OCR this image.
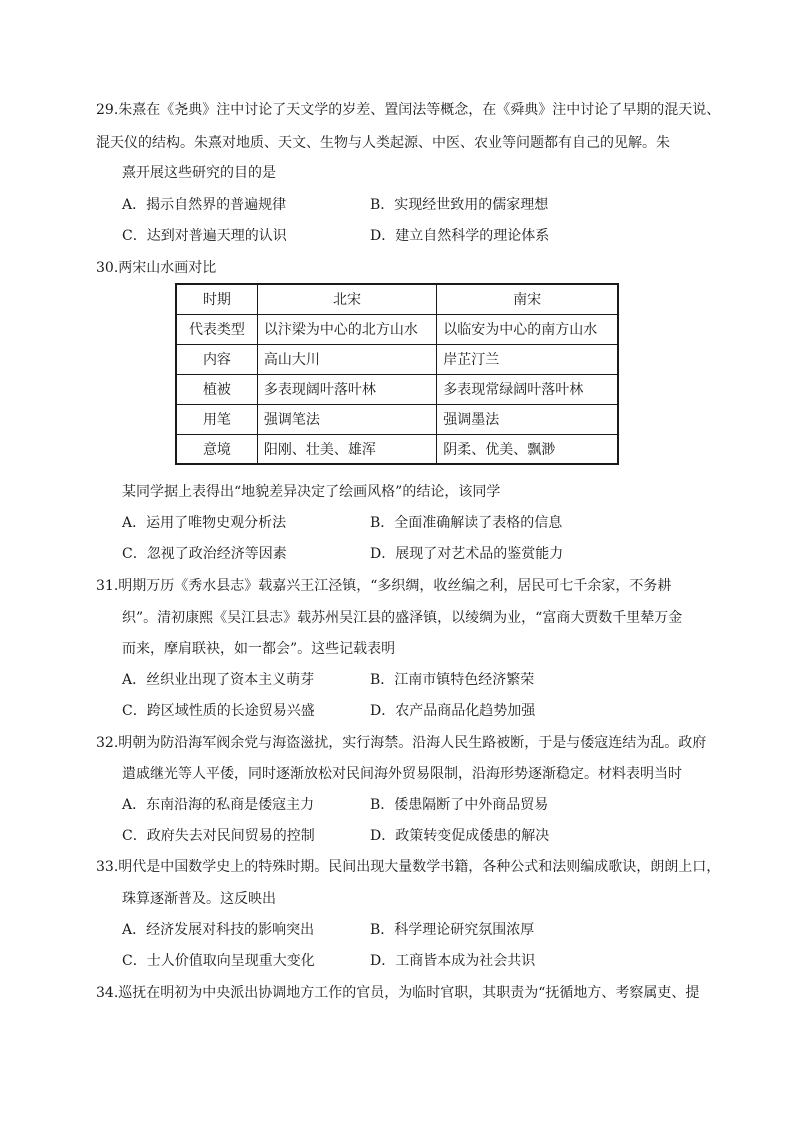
29.朱熹在《尧典》注中讨论了天文学的岁差、置闰法等概念，在《舜典》注中讨论了早期的混天说、
混天仪的结构。朱熹对地质、天文、生物与人类起源、中医、农业等问题都有自己的见解。朱
熹开展这些研究的目的是
A．揭示自然界的普遍规律	B．实现经世致用的儒家理想
C．达到对普遍天理的认识	D．建立自然科学的理论体系
30.两宋山水画对比
时期	北宋	南宋
代表类型	以汴梁为中心的北方山水	以临安为中心的南方山水
内容	高山大川	岸芷汀兰
植被	多表现阔叶落叶林	多表现常绿阔叶落叶林
用笔	强调笔法	强调墨法
意境	阳刚、壮美、雄浑	阴柔、优美、飘渺
某同学据上表得出“地貌差异决定了绘画风格”的结论，该同学
A．运用了唯物史观分析法	B．全面准确解读了表格的信息
C．忽视了政治经济等因素	D．展现了对艺术品的鉴赏能力
31.明期万历《秀水县志》载嘉兴王江泾镇，“多织绸，收丝编之利，居民可七千余家，不务耕
织”。清初康熙《吴江县志》载苏州吴江县的盛泽镇，以绫绸为业，“富商大贾数千里辇万金
而来，摩肩联袂，如一都会”。这些记载表明
A．丝织业出现了资本主义萌芽	B．江南市镇特色经济繁荣
C．跨区域性质的长途贸易兴盛	D．农产品商品化趋势加强
32.明朝为防沿海军阀余党与海盗滋扰，实行海禁。沿海人民生路被断，于是与倭寇连结为乱。政府
遣戚继光等人平倭，同时逐渐放松对民间海外贸易限制，沿海形势逐渐稳定。材料表明当时
A．东南沿海的私商是倭寇主力	B．倭患隔断了中外商品贸易
C．政府失去对民间贸易的控制	D．政策转变促成倭患的解决
33.明代是中国数学史上的特殊时期。民间出现大量数学书籍，各种公式和法则编成歌诀，朗朗上口，
珠算逐渐普及。这反映出
A．经济发展对科技的影响突出	B．科学理论研究氛围浓厚
C．士人价值取向呈现重大变化	D．工商皆本成为社会共识
34.巡抚在明初为中央派出协调地方工作的官员，为临时官职，其职责为“抚循地方、考察属吏、提
